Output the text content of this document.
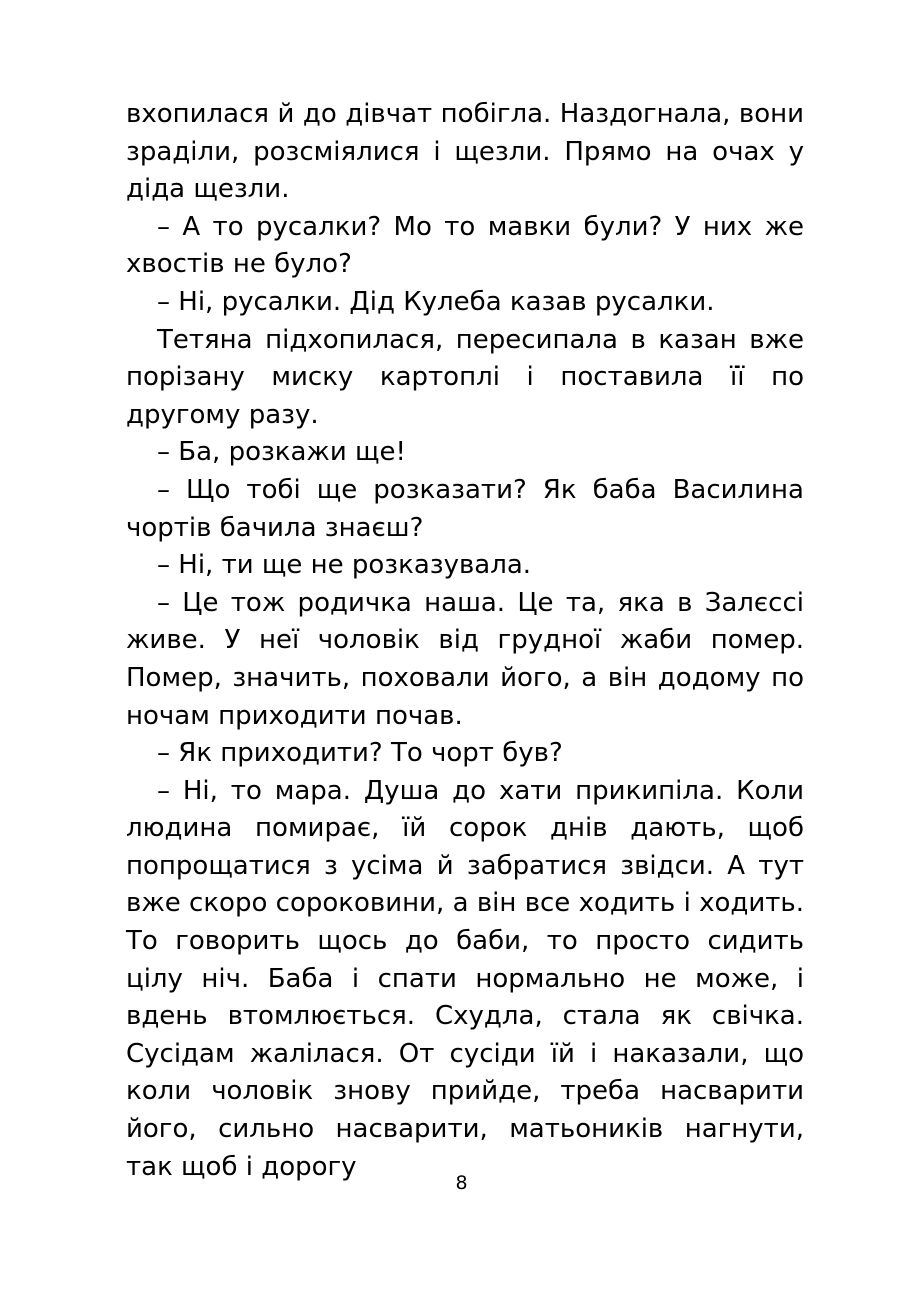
вхопилася й до дівчат побігла. Наздогнала, вони зраділи, розсміялися і щезли. Прямо на очах у діда щезли.

– А то русалки? Мо то мавки були? У них же хвостів не було?

– Ні, русалки. Дід Кулеба казав русалки.

Тетяна підхопилася, пересипала в казан вже порізану миску картоплі і поставила її по другому разу.

– Ба, розкажи ще!

– Що тобі ще розказати? Як баба Василина чортів бачила знаєш?

– Ні, ти ще не розказувала.

– Це тож родичка наша. Це та, яка в Залєссі живе. У неї чоловік від грудної жаби помер. Помер, значить, поховали його, а він додому по ночам приходити почав.

– Як приходити? То чорт був?

– Ні, то мара. Душа до хати прикипіла. Коли людина помирає, їй сорок днів дають, щоб попрощатися з усіма й забратися звідси. А тут вже скоро сороковини, а він все ходить і ходить. То говорить щось до баби, то просто сидить цілу ніч. Баба і спати нормально не може, і вдень втомлюється. Схудла, стала як свічка. Сусідам жалілася. От сусіди їй і наказали, що коли чоловік знову прийде, треба насварити його, сильно насварити, матьоників нагнути, так щоб і дорогу

8
